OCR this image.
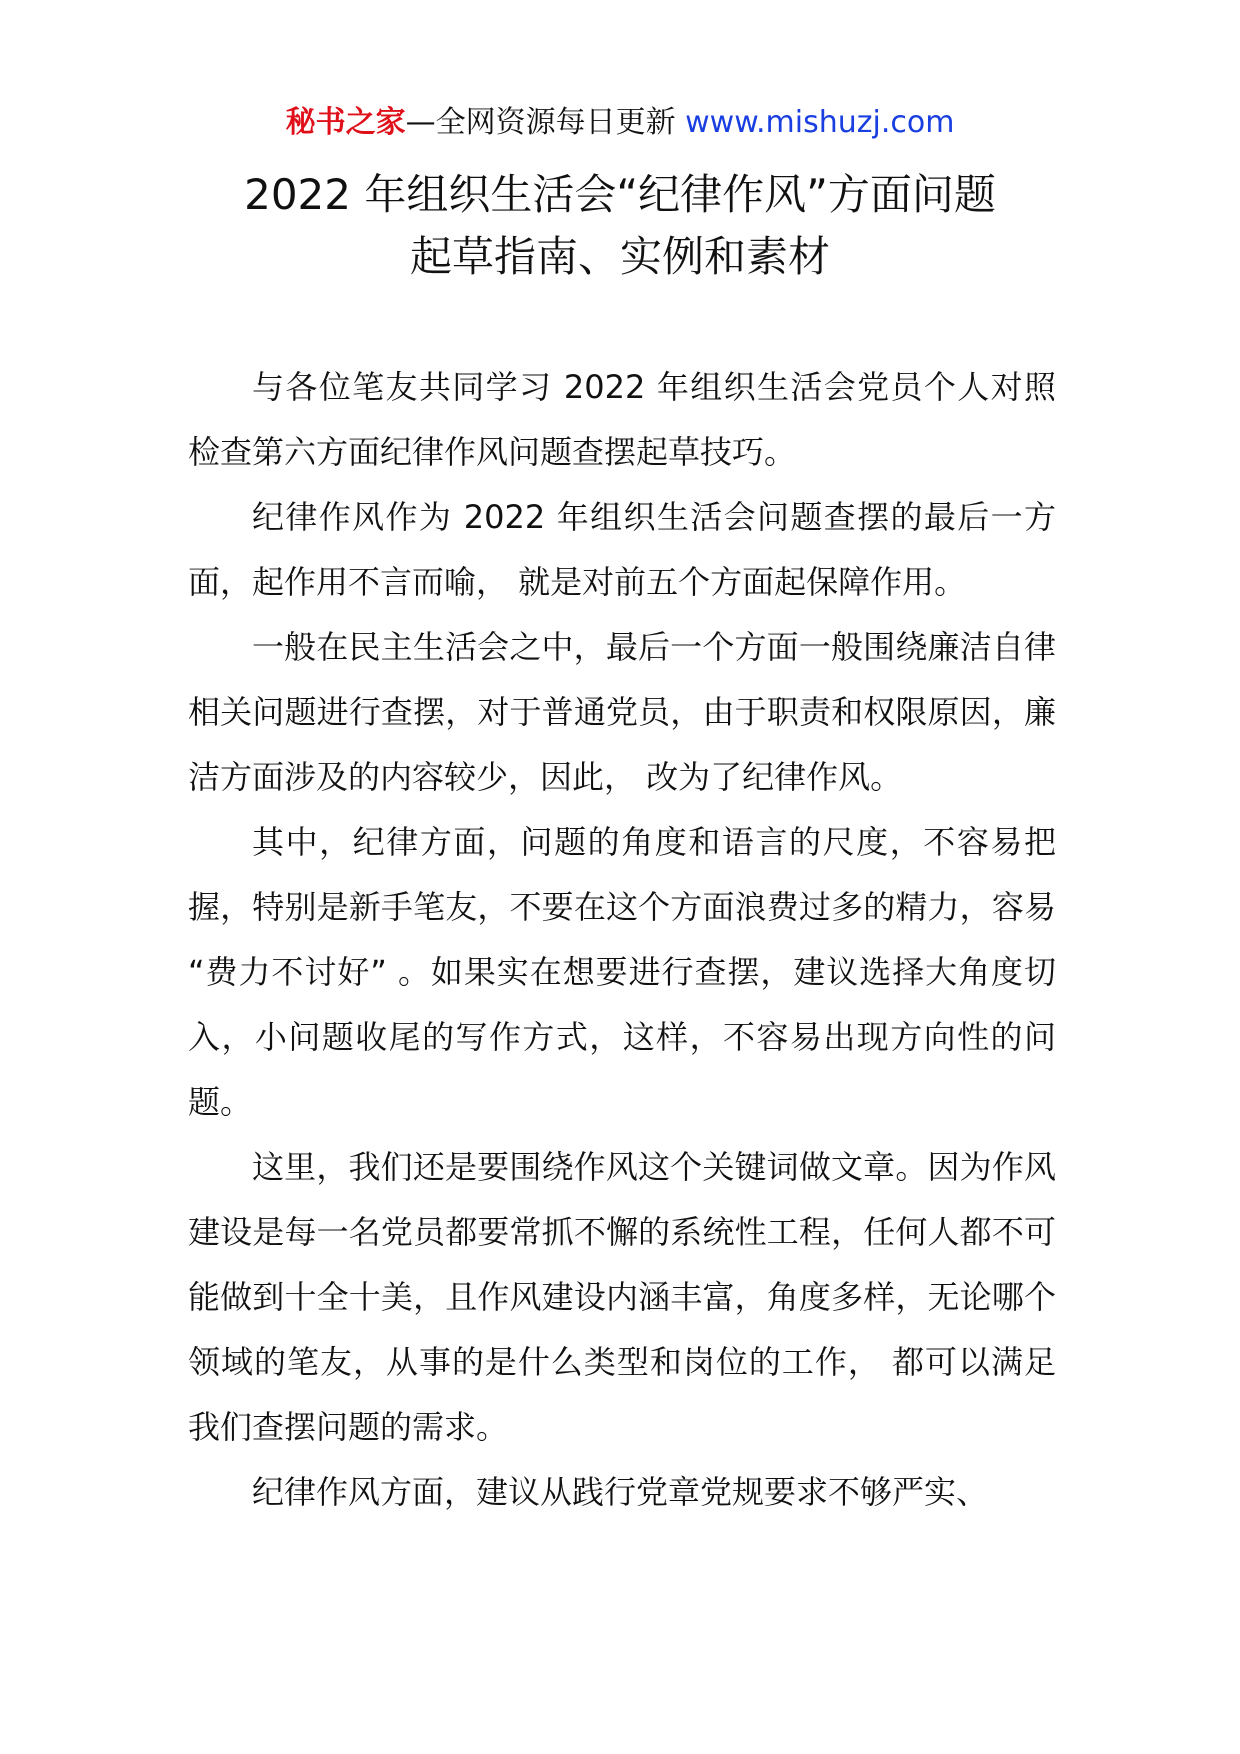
秘书之家—全网资源每日更新 www.mishuzj.com
2022 年组织生活会“纪律作风”方面问题
起草指南、实例和素材

与各位笔友共同学习 2022 年组织生活会党员个人对照检查第六方面纪律作风问题查摆起草技巧。

纪律作风作为 2022 年组织生活会问题查摆的最后一方面，起作用不言而喻， 就是对前五个方面起保障作用。

一般在民主生活会之中，最后一个方面一般围绕廉洁自律相关问题进行查摆，对于普通党员，由于职责和权限原因，廉洁方面涉及的内容较少，因此， 改为了纪律作风。

其中，纪律方面，问题的角度和语言的尺度，不容易把握，特别是新手笔友，不要在这个方面浪费过多的精力，容易 “费力不讨好” 。如果实在想要进行查摆，建议选择大角度切入，小问题收尾的写作方式，这样，不容易出现方向性的问题。

这里，我们还是要围绕作风这个关键词做文章。因为作风建设是每一名党员都要常抓不懈的系统性工程，任何人都不可能做到十全十美，且作风建设内涵丰富，角度多样，无论哪个领域的笔友，从事的是什么类型和岗位的工作， 都可以满足我们查摆问题的需求。

纪律作风方面，建议从践行党章党规要求不够严实、
